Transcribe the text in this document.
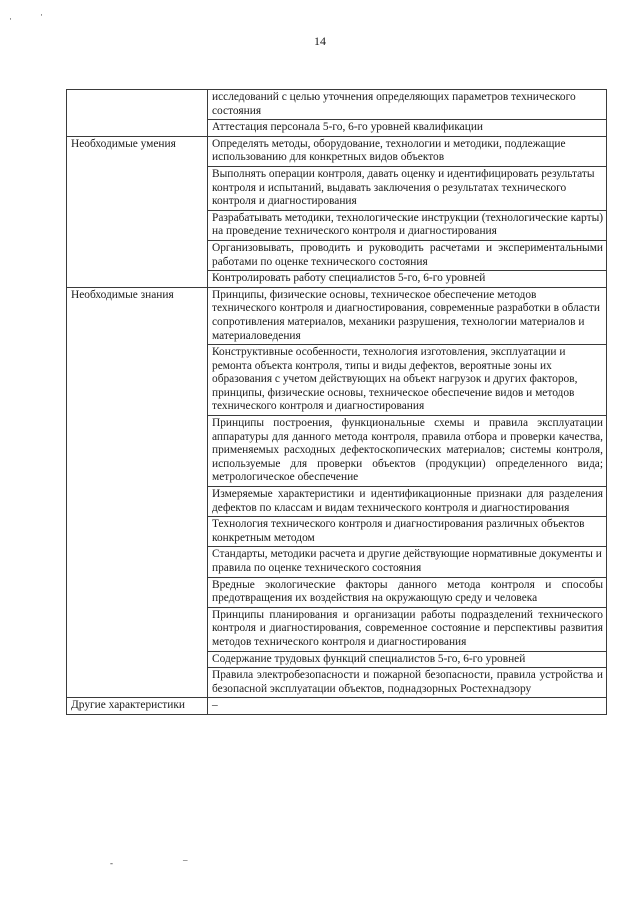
·	·
14
	исследований с целью уточнения определяющих параметров технического состояния
	Аттестация персонала 5-го, 6-го уровней квалификации
Необходимые умения	Определять методы, оборудование, технологии и методики, подлежащие использованию для конкретных видов объектов
	Выполнять операции контроля, давать оценку и идентифицировать результаты контроля и испытаний, выдавать заключения о результатах технического контроля и диагностирования
	Разрабатывать методики, технологические инструкции (технологические карты) на проведение технического контроля и диагностирования
	Организовывать, проводить и руководить расчетами и экспериментальными работами по оценке технического состояния
	Контролировать работу специалистов 5-го, 6-го уровней
Необходимые знания	Принципы, физические основы, техническое обеспечение методов технического контроля и диагностирования, современные разработки в области сопротивления материалов, механики разрушения, технологии материалов и материаловедения
	Конструктивные особенности, технология изготовления, эксплуатации и ремонта объекта контроля, типы и виды дефектов, вероятные зоны их образования с учетом действующих на объект нагрузок и других факторов, принципы, физические основы, техническое обеспечение видов и методов технического контроля и диагностирования
	Принципы построения, функциональные схемы и правила эксплуатации аппаратуры для данного метода контроля, правила отбора и проверки качества, применяемых расходных дефектоскопических материалов; системы контроля, используемые для проверки объектов (продукции) определенного вида; метрологическое обеспечение
	Измеряемые характеристики и идентификационные признаки для разделения дефектов по классам и видам технического контроля и диагностирования
	Технология технического контроля и диагностирования различных объектов конкретным методом
	Стандарты, методики расчета и другие действующие нормативные документы и правила по оценке технического состояния
	Вредные экологические факторы данного метода контроля и способы предотвращения их воздействия на окружающую среду и человека
	Принципы планирования и организации работы подразделений технического контроля и диагностирования, современное состояние и перспективы развития методов технического контроля и диагностирования
	Содержание трудовых функций специалистов 5-го, 6-го уровней
	Правила электробезопасности и пожарной безопасности, правила устройства и безопасной эксплуатации объектов, поднадзорных Ростехнадзору
Другие характеристики	–
-
_
